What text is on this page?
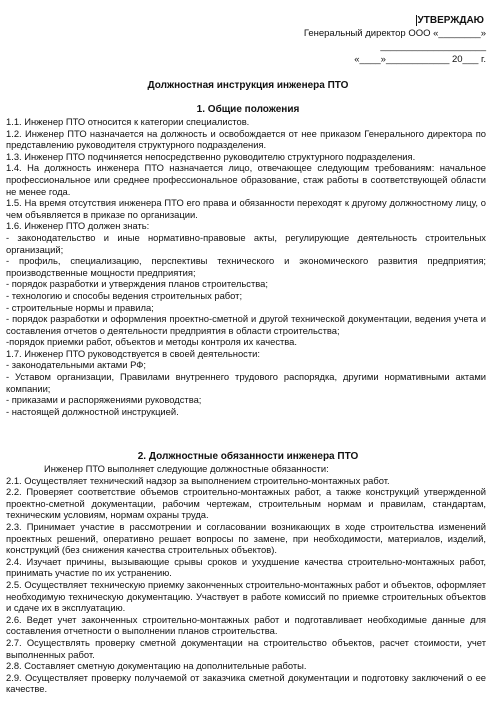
УТВЕРЖДАЮ
Генеральный директор ООО «________»
____________________
«____»____________ 20___ г.
Должностная инструкция инженера ПТО
1. Общие положения

1.1. Инженер ПТО относится к категории специалистов.

1.2. Инженер ПТО назначается на должность и освобождается от нее приказом Генерального директора по представлению руководителя структурного подразделения.

1.3. Инженер ПТО подчиняется непосредственно руководителю структурного подразделения.

1.4. На должность инженера ПТО назначается лицо, отвечающее следующим требованиям: начальное профессиональное или среднее профессиональное образование, стаж работы в соответствующей области не менее года.

1.5. На время отсутствия инженера ПТО его права и обязанности переходят к другому должностному лицу, о чем объявляется в приказе по организации.

1.6. Инженер ПТО должен знать:

- законодательство и иные нормативно-правовые акты, регулирующие деятельность строительных организаций;

- профиль, специализацию, перспективы технического и экономического развития предприятия; производственные мощности предприятия;

- порядок разработки и утверждения планов строительства;

- технологию и способы ведения строительных работ;

- строительные нормы и правила;

- порядок разработки и оформления проектно-сметной и другой технической документации, ведения учета и составления отчетов о деятельности предприятия в области строительства;

-порядок приемки работ, объектов и методы контроля их качества.

1.7. Инженер ПТО руководствуется в своей деятельности:

- законодательными актами РФ;

- Уставом организации, Правилами внутреннего трудового распорядка, другими нормативными актами компании;

- приказами и распоряжениями руководства;

- настоящей должностной инструкцией.

2. Должностные обязанности инженера ПТО

Инженер ПТО выполняет следующие должностные обязанности:

2.1. Осуществляет технический надзор за выполнением строительно-монтажных работ.

2.2. Проверяет соответствие объемов строительно-монтажных работ, а также конструкций утвержденной проектно-сметной документации, рабочим чертежам, строительным нормам и правилам, стандартам, техническим условиям, нормам охраны труда.

2.3. Принимает участие в рассмотрении и согласовании возникающих в ходе строительства изменений проектных решений, оперативно решает вопросы по замене, при необходимости, материалов, изделий, конструкций (без снижения качества строительных объектов).

2.4. Изучает причины, вызывающие срывы сроков и ухудшение качества строительно-монтажных работ, принимать участие по их устранению.

2.5. Осуществляет техническую приемку законченных строительно-монтажных работ и объектов, оформляет необходимую техническую документацию. Участвует в работе комиссий по приемке строительных объектов и сдаче их в эксплуатацию.

2.6. Ведет учет законченных строительно-монтажных работ и подготавливает необходимые данные для составления отчетности о выполнении планов строительства.

2.7. Осуществлять проверку сметной документации на строительство объектов, расчет стоимости, учет выполненных работ.

2.8. Составляет сметную документацию на дополнительные работы.

2.9. Осуществляет проверку получаемой от заказчика сметной документации и подготовку заключений о ее качестве.
